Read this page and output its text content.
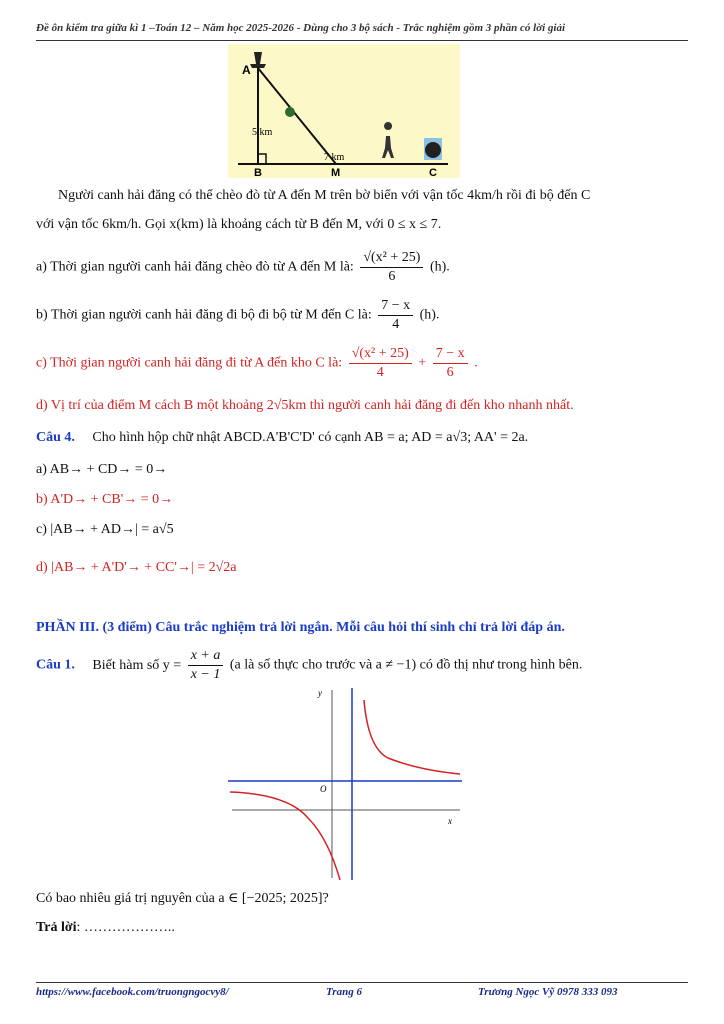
Đề ôn kiểm tra giữa kì 1 –Toán 12 – Năm học 2025-2026 - Dùng cho 3 bộ sách - Trắc nghiệm gồm 3 phần có lời giải
A
5 km
7 km
B	M	C
Người canh hải đăng có thể chèo đò từ A đến M trên bờ biển với vận tốc 4km/h rồi đi bộ đến C
với vận tốc 6km/h. Gọi x(km) là khoảng cách từ B đến M, với 0 ≤ x ≤ 7.
a) Thời gian người canh hải đăng chèo đò từ A đến M là: $\frac{\text{√(x² + 25)}}{6} (h)$.
b) Thời gian người canh hải đăng đi bộ đi bộ từ M đến C là: $\frac{7 - x}{4} (h)$.
c) Thời gian người canh hải đăng đi từ A đến kho C là: $\frac{\text{√(x² + 25)}}{4} + \frac{7 - x}{6}$ .
d) Vị trí của điểm M cách B một khoảng 2√5km thì người canh hải đăng đi đến kho nhanh nhất.
Câu 4. Cho hình hộp chữ nhật ABCD.A'B'C'D' có cạnh AB = a; AD = a√3; AA' = 2a.
a) AB→ + CD→ = 0→
b) A'D→ + CB'→ = 0→
c) |AB→ + AD→| = a√5
d) |AB→ + A'D'→ + CC'→| = 2√2a
PHẦN III. (3 điểm) Câu trắc nghiệm trả lời ngắn. Mỗi câu hỏi thí sinh chỉ trả lời đáp án.
Câu 1. Biết hàm số $y = \frac{x + a}{x - 1} (a$ là số thực cho trước và a ≠ −1) có đồ thị như trong hình bên.
y
x
O
Có bao nhiêu giá trị nguyên của a ∈ [−2025; 2025]?
Trả lời: ………………..
https://www.facebook.com/truongngocvy8/	Trang 6	Trương Ngọc Vỹ 0978 333 093
